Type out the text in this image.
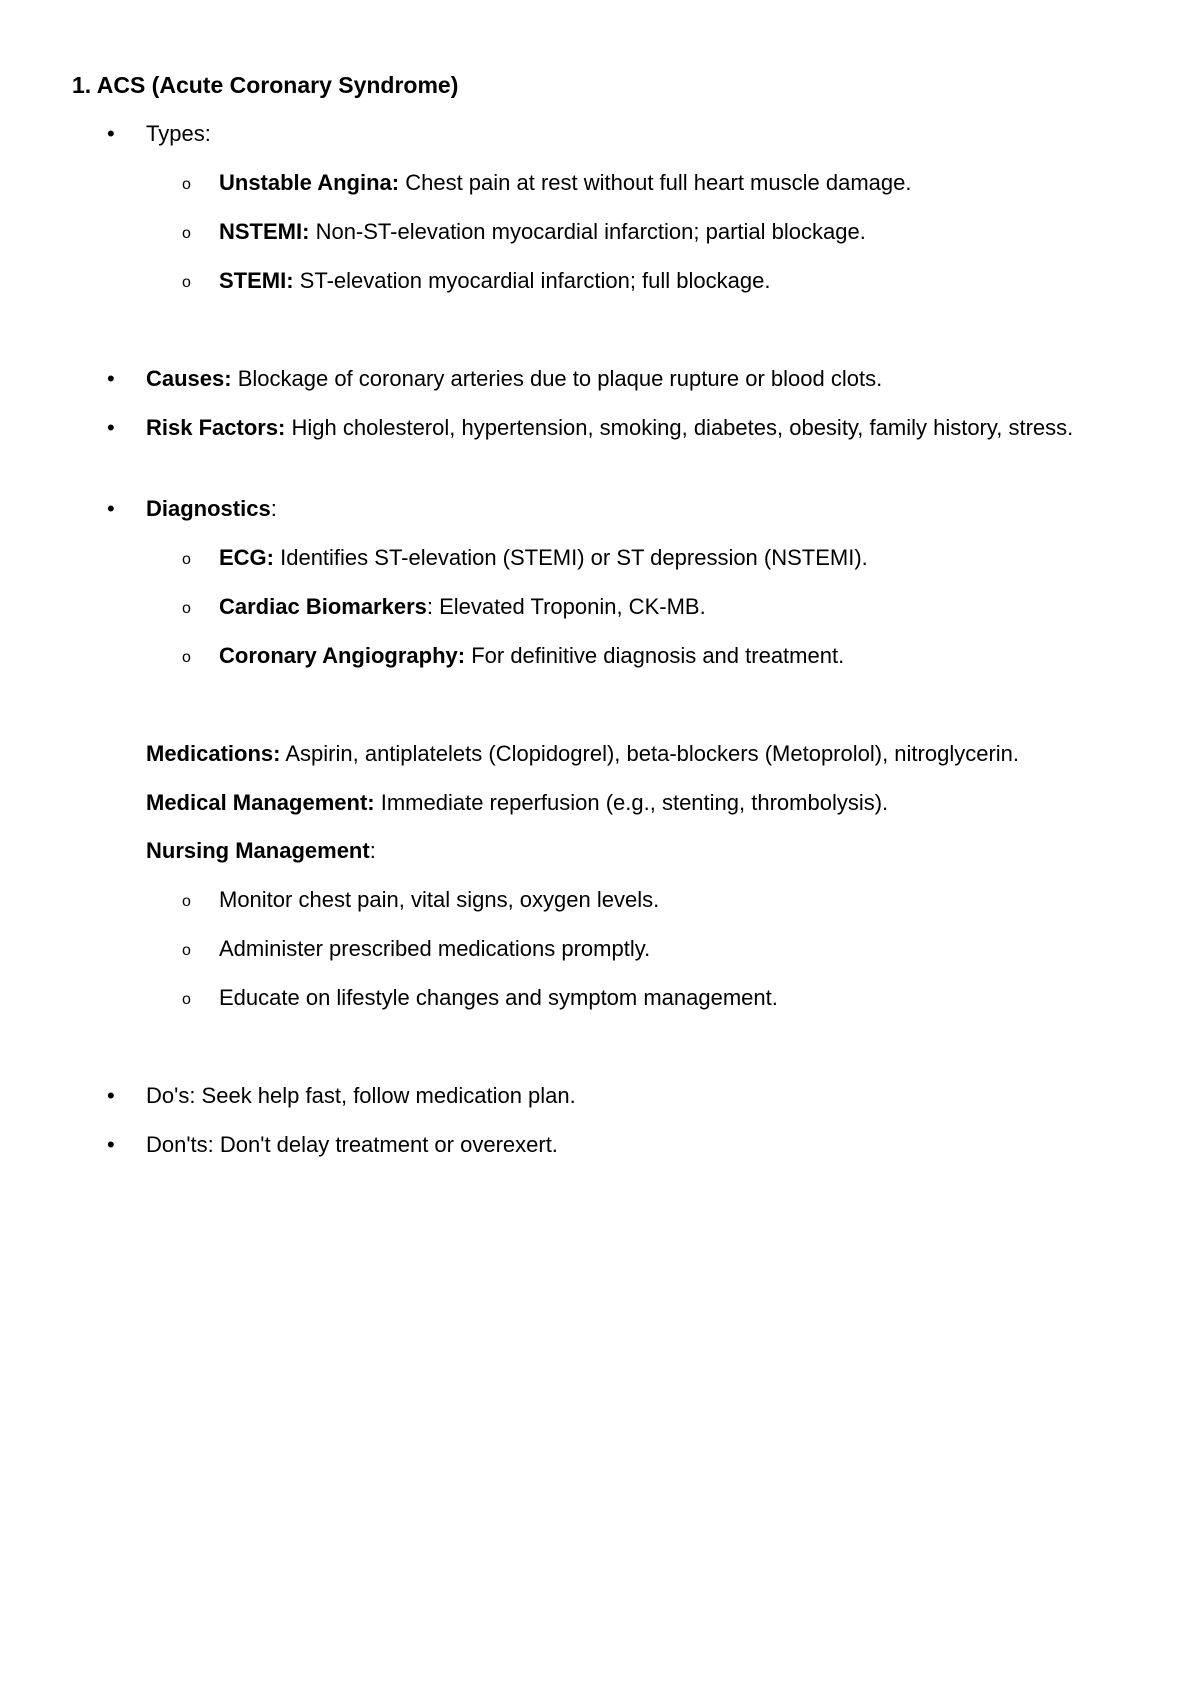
1. ACS (Acute Coronary Syndrome)
• Types:
o Unstable Angina: Chest pain at rest without full heart muscle damage.
o NSTEMI: Non-ST-elevation myocardial infarction; partial blockage.
o STEMI: ST-elevation myocardial infarction; full blockage.
• Causes: Blockage of coronary arteries due to plaque rupture or blood clots.
• Risk Factors: High cholesterol, hypertension, smoking, diabetes, obesity, family history, stress.
• Diagnostics:
o ECG: Identifies ST-elevation (STEMI) or ST depression (NSTEMI).
o Cardiac Biomarkers: Elevated Troponin, CK-MB.
o Coronary Angiography: For definitive diagnosis and treatment.
Medications: Aspirin, antiplatelets (Clopidogrel), beta-blockers (Metoprolol), nitroglycerin.
Medical Management: Immediate reperfusion (e.g., stenting, thrombolysis).
Nursing Management:
o Monitor chest pain, vital signs, oxygen levels.
o Administer prescribed medications promptly.
o Educate on lifestyle changes and symptom management.
• Do's: Seek help fast, follow medication plan.
• Don'ts: Don't delay treatment or overexert.
